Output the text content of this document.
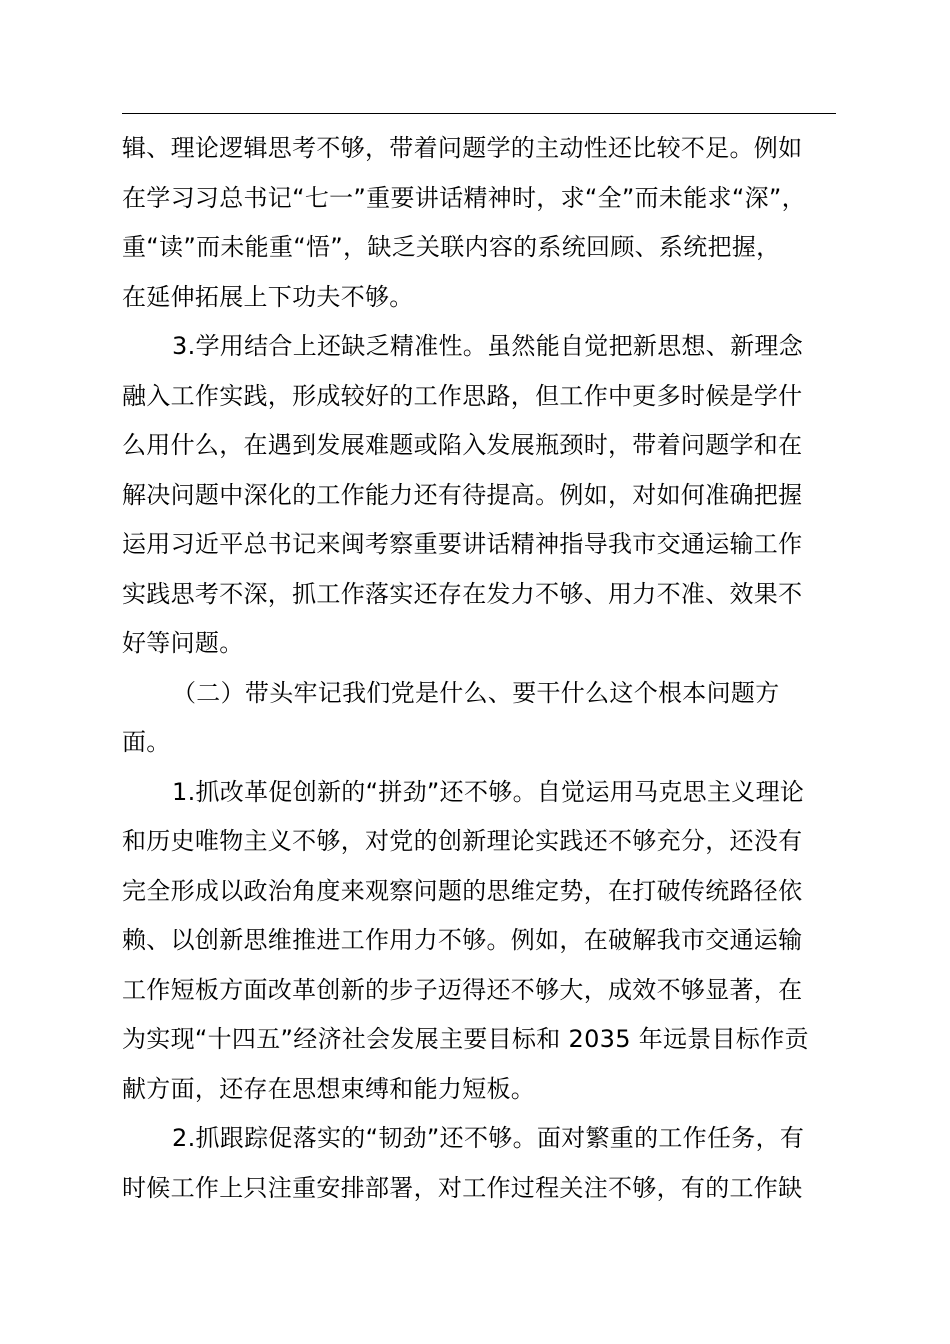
辑、理论逻辑思考不够，带着问题学的主动性还比较不足。例如
在学习习总书记“七一”重要讲话精神时，求“全”而未能求“深”，
重“读”而未能重“悟”，缺乏关联内容的系统回顾、系统把握，
在延伸拓展上下功夫不够。
3.学用结合上还缺乏精准性。虽然能自觉把新思想、新理念
融入工作实践，形成较好的工作思路，但工作中更多时候是学什
么用什么，在遇到发展难题或陷入发展瓶颈时，带着问题学和在
解决问题中深化的工作能力还有待提高。例如，对如何准确把握
运用习近平总书记来闽考察重要讲话精神指导我市交通运输工作
实践思考不深，抓工作落实还存在发力不够、用力不准、效果不
好等问题。
（二）带头牢记我们党是什么、要干什么这个根本问题方
面。
1.抓改革促创新的“拼劲”还不够。自觉运用马克思主义理论
和历史唯物主义不够，对党的创新理论实践还不够充分，还没有
完全形成以政治角度来观察问题的思维定势，在打破传统路径依
赖、以创新思维推进工作用力不够。例如，在破解我市交通运输
工作短板方面改革创新的步子迈得还不够大，成效不够显著，在
为实现“十四五”经济社会发展主要目标和 2035 年远景目标作贡
献方面，还存在思想束缚和能力短板。
2.抓跟踪促落实的“韧劲”还不够。面对繁重的工作任务，有
时候工作上只注重安排部署，对工作过程关注不够，有的工作缺
